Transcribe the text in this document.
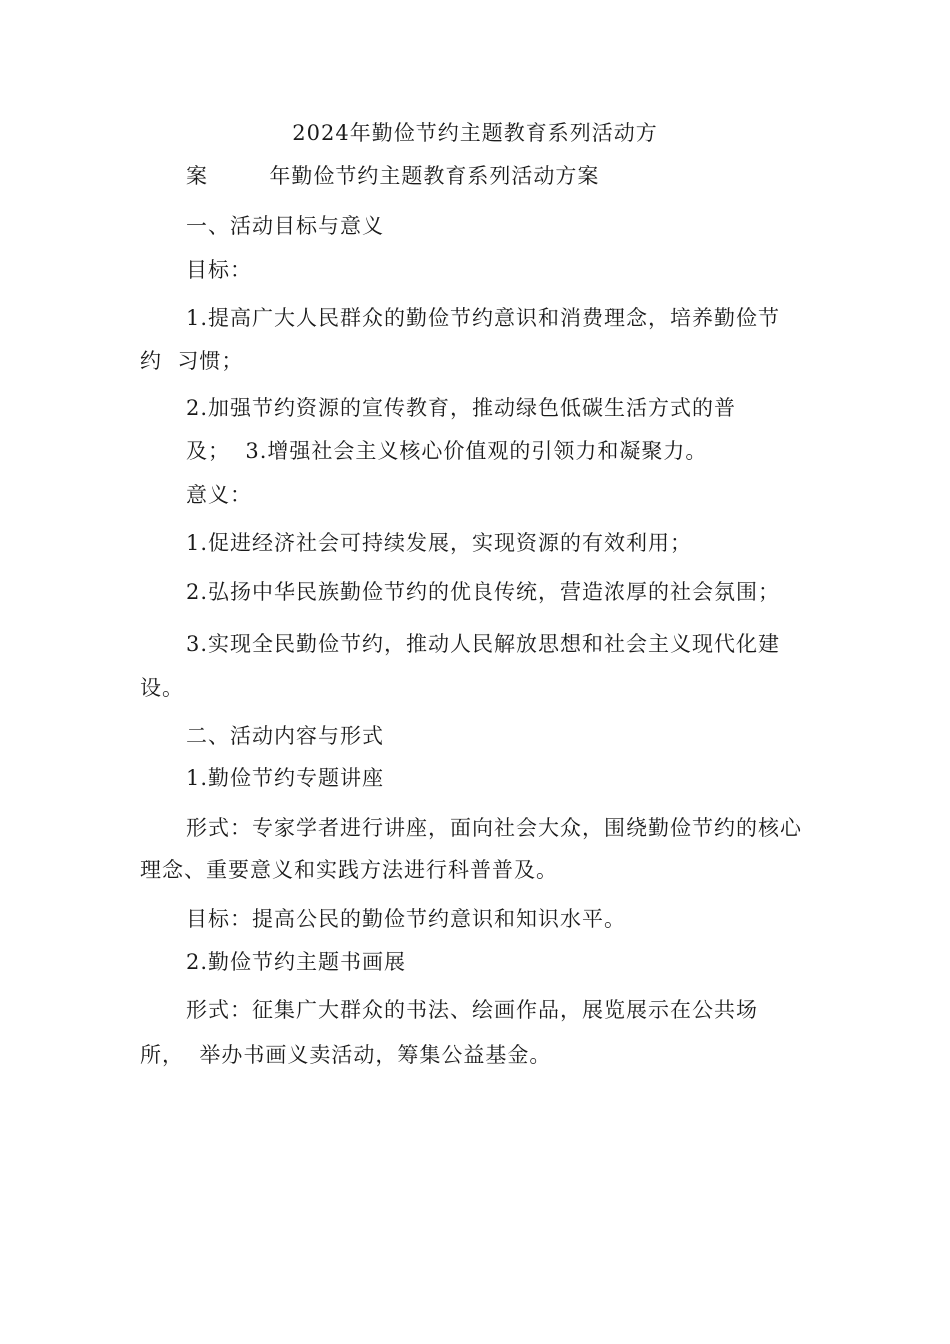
2024年勤俭节约主题教育系列活动方
案        年勤俭节约主题教育系列活动方案
一、活动目标与意义
目标：
1.提高广大人民群众的勤俭节约意识和消费理念，培养勤俭节
约  习惯；
2.加强节约资源的宣传教育，推动绿色低碳生活方式的普
及；  3.增强社会主义核心价值观的引领力和凝聚力。
意义：
1.促进经济社会可持续发展，实现资源的有效利用；
2.弘扬中华民族勤俭节约的优良传统，营造浓厚的社会氛围；
3.实现全民勤俭节约，推动人民解放思想和社会主义现代化建
设。
二、活动内容与形式
1.勤俭节约专题讲座
形式：专家学者进行讲座，面向社会大众，围绕勤俭节约的核心
理念、重要意义和实践方法进行科普普及。
目标：提高公民的勤俭节约意识和知识水平。
2.勤俭节约主题书画展
形式：征集广大群众的书法、绘画作品，展览展示在公共场
所，  举办书画义卖活动，筹集公益基金。
